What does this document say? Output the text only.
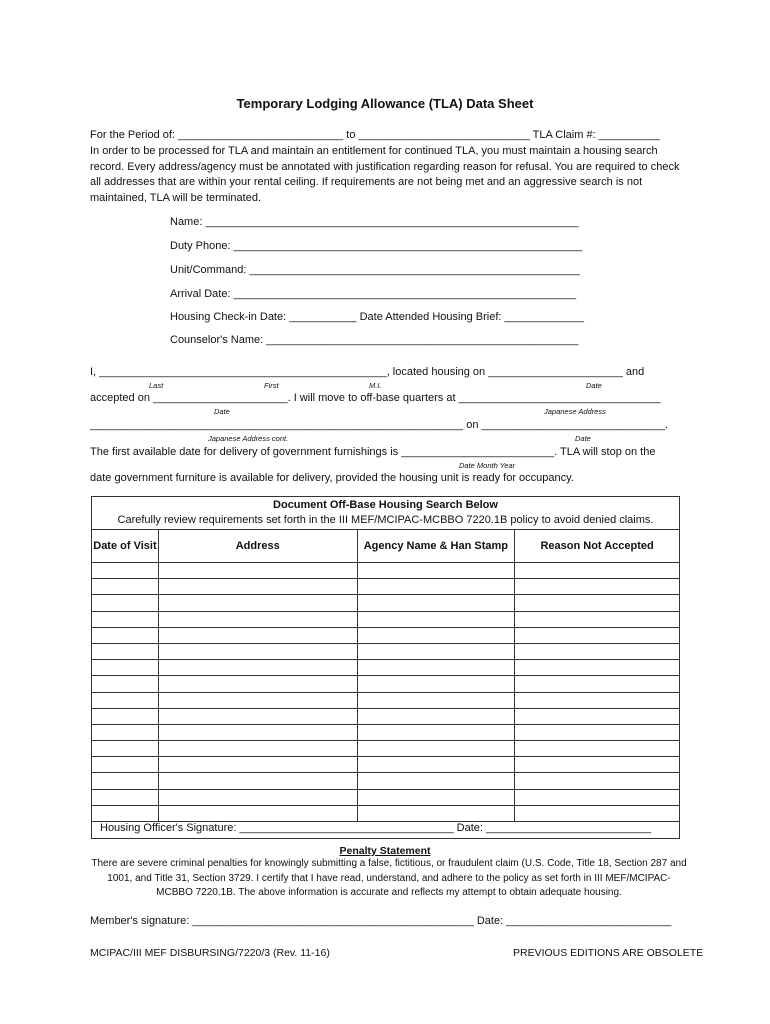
Temporary Lodging Allowance (TLA) Data Sheet
For the Period of: ___________________________ to ____________________________ TLA Claim #: __________
In order to be processed for TLA and maintain an entitlement for continued TLA, you must maintain a housing search record. Every address/agency must be annotated with justification regarding reason for refusal. You are required to check all addresses that are within your rental ceiling. If requirements are not being met and an aggressive search is not maintained, TLA will be terminated.
Name: _____________________________________________________________
Duty Phone: _________________________________________________________
Unit/Command: ______________________________________________________
Arrival Date: ________________________________________________________
Housing Check-in Date: ___________ Date Attended Housing Brief: _____________
Counselor's Name: ___________________________________________________
I, _______________________________________________, located housing on ______________________ and
Last	First	M.I.	Date
accepted on ______________________. I will move to off-base quarters at _________________________________
Date	Japanese Address
_____________________________________________________________ on ______________________________.
Japanese Address cont.	Date
The first available date for delivery of government furnishings is _________________________. TLA will stop on the
Date Month Year
date government furniture is available for delivery, provided the housing unit is ready for occupancy.
Document Off-Base Housing Search Below
Carefully review requirements set forth in the III MEF/MCIPAC-MCBBO 7220.1B policy to avoid denied claims.
Date of Visit	Address	Agency Name & Han Stamp	Reason Not Accepted

Housing Officer's Signature: ___________________________________ Date: ___________________________
Penalty Statement
There are severe criminal penalties for knowingly submitting a false, fictitious, or fraudulent claim (U.S. Code, Title 18, Section 287 and 1001, and Title 31, Section 3729. I certify that I have read, understand, and adhere to the policy as set forth in III MEF/MCIPAC-MCBBO 7220.1B. The above information is accurate and reflects my attempt to obtain adequate housing.
Member's signature: ______________________________________________ Date: ___________________________
MCIPAC/III MEF DISBURSING/7220/3 (Rev. 11-16)	PREVIOUS EDITIONS ARE OBSOLETE
